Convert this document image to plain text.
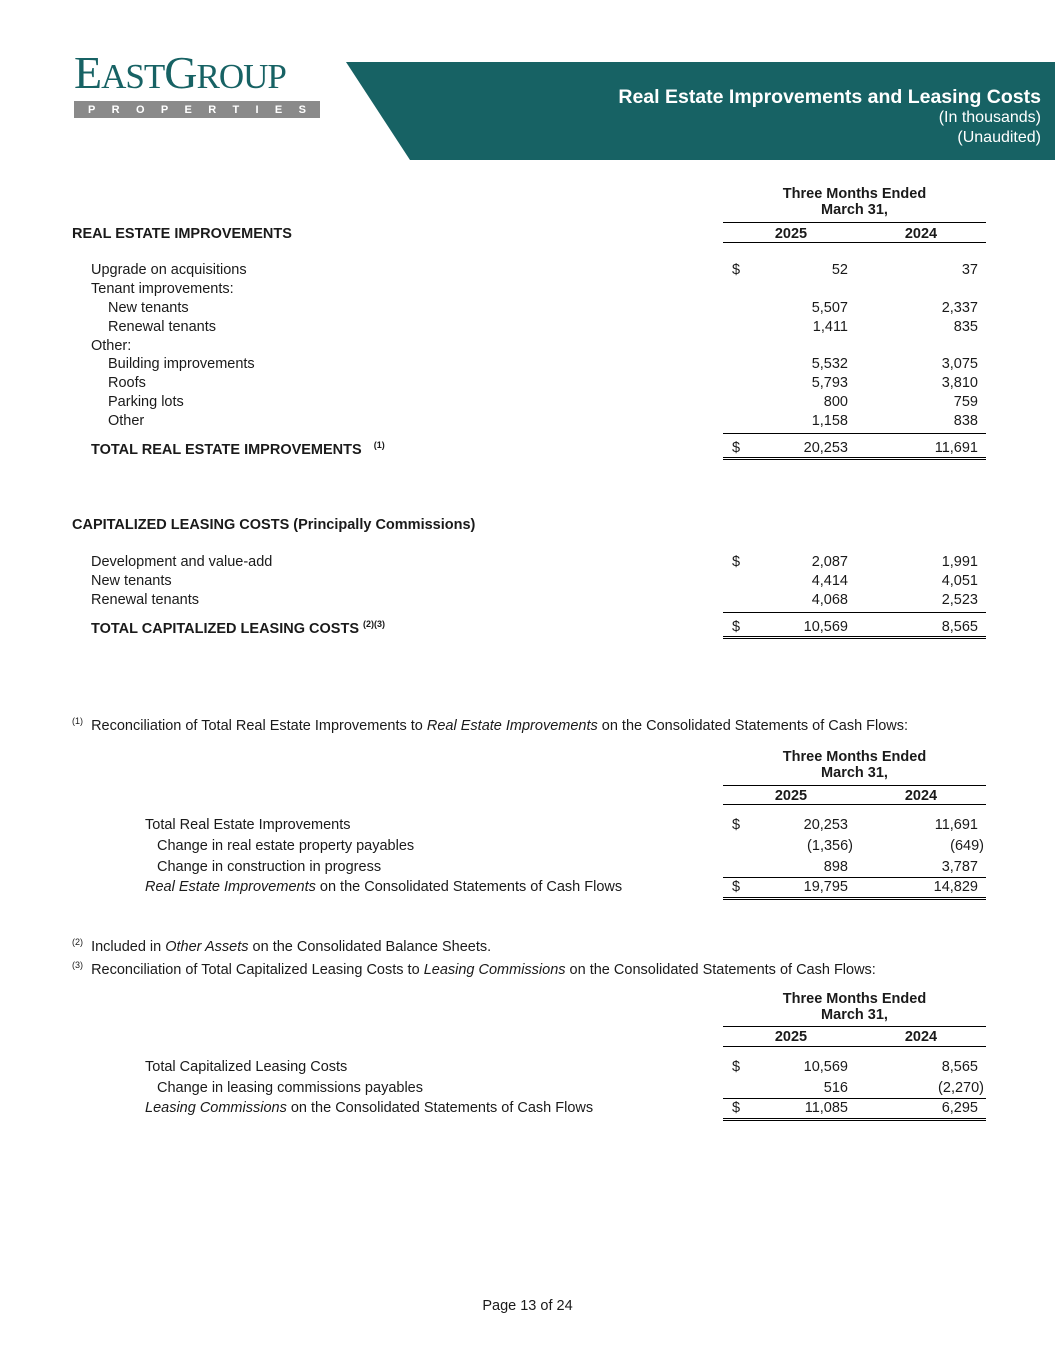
EASTGROUP
P R O P E R T I E S
Real Estate Improvements and Leasing Costs
(In thousands)
(Unaudited)
Three Months Ended
March 31,
2025	2024
REAL ESTATE IMPROVEMENTS
Upgrade on acquisitions	$	52	37
Tenant improvements:
New tenants	5,507	2,337
Renewal tenants	1,411	835
Other:
Building improvements	5,532	3,075
Roofs	5,793	3,810
Parking lots	800	759
Other	1,158	838
TOTAL REAL ESTATE IMPROVEMENTS $^{(1)}$	$	20,253	11,691
CAPITALIZED LEASING COSTS (Principally Commissions)
Development and value-add	$	2,087	1,991
New tenants	4,414	4,051
Renewal tenants	4,068	2,523
TOTAL CAPITALIZED LEASING COSTS $^{(2)(3)}$	$	10,569	8,565
$^{(1)}$ Reconciliation of Total Real Estate Improvements to Real Estate Improvements on the Consolidated Statements of Cash Flows:
Three Months Ended
March 31,
2025	2024
Total Real Estate Improvements	$	20,253	11,691
Change in real estate property payables	(1,356)	(649)
Change in construction in progress	898	3,787
Real Estate Improvements on the Consolidated Statements of Cash Flows	$	19,795	14,829
$^{(2)}$ Included in Other Assets on the Consolidated Balance Sheets.
$^{(3)}$ Reconciliation of Total Capitalized Leasing Costs to Leasing Commissions on the Consolidated Statements of Cash Flows:
Three Months Ended
March 31,
2025	2024
Total Capitalized Leasing Costs	$	10,569	8,565
Change in leasing commissions payables	516	(2,270)
Leasing Commissions on the Consolidated Statements of Cash Flows	$	11,085	6,295
Page 13 of 24
